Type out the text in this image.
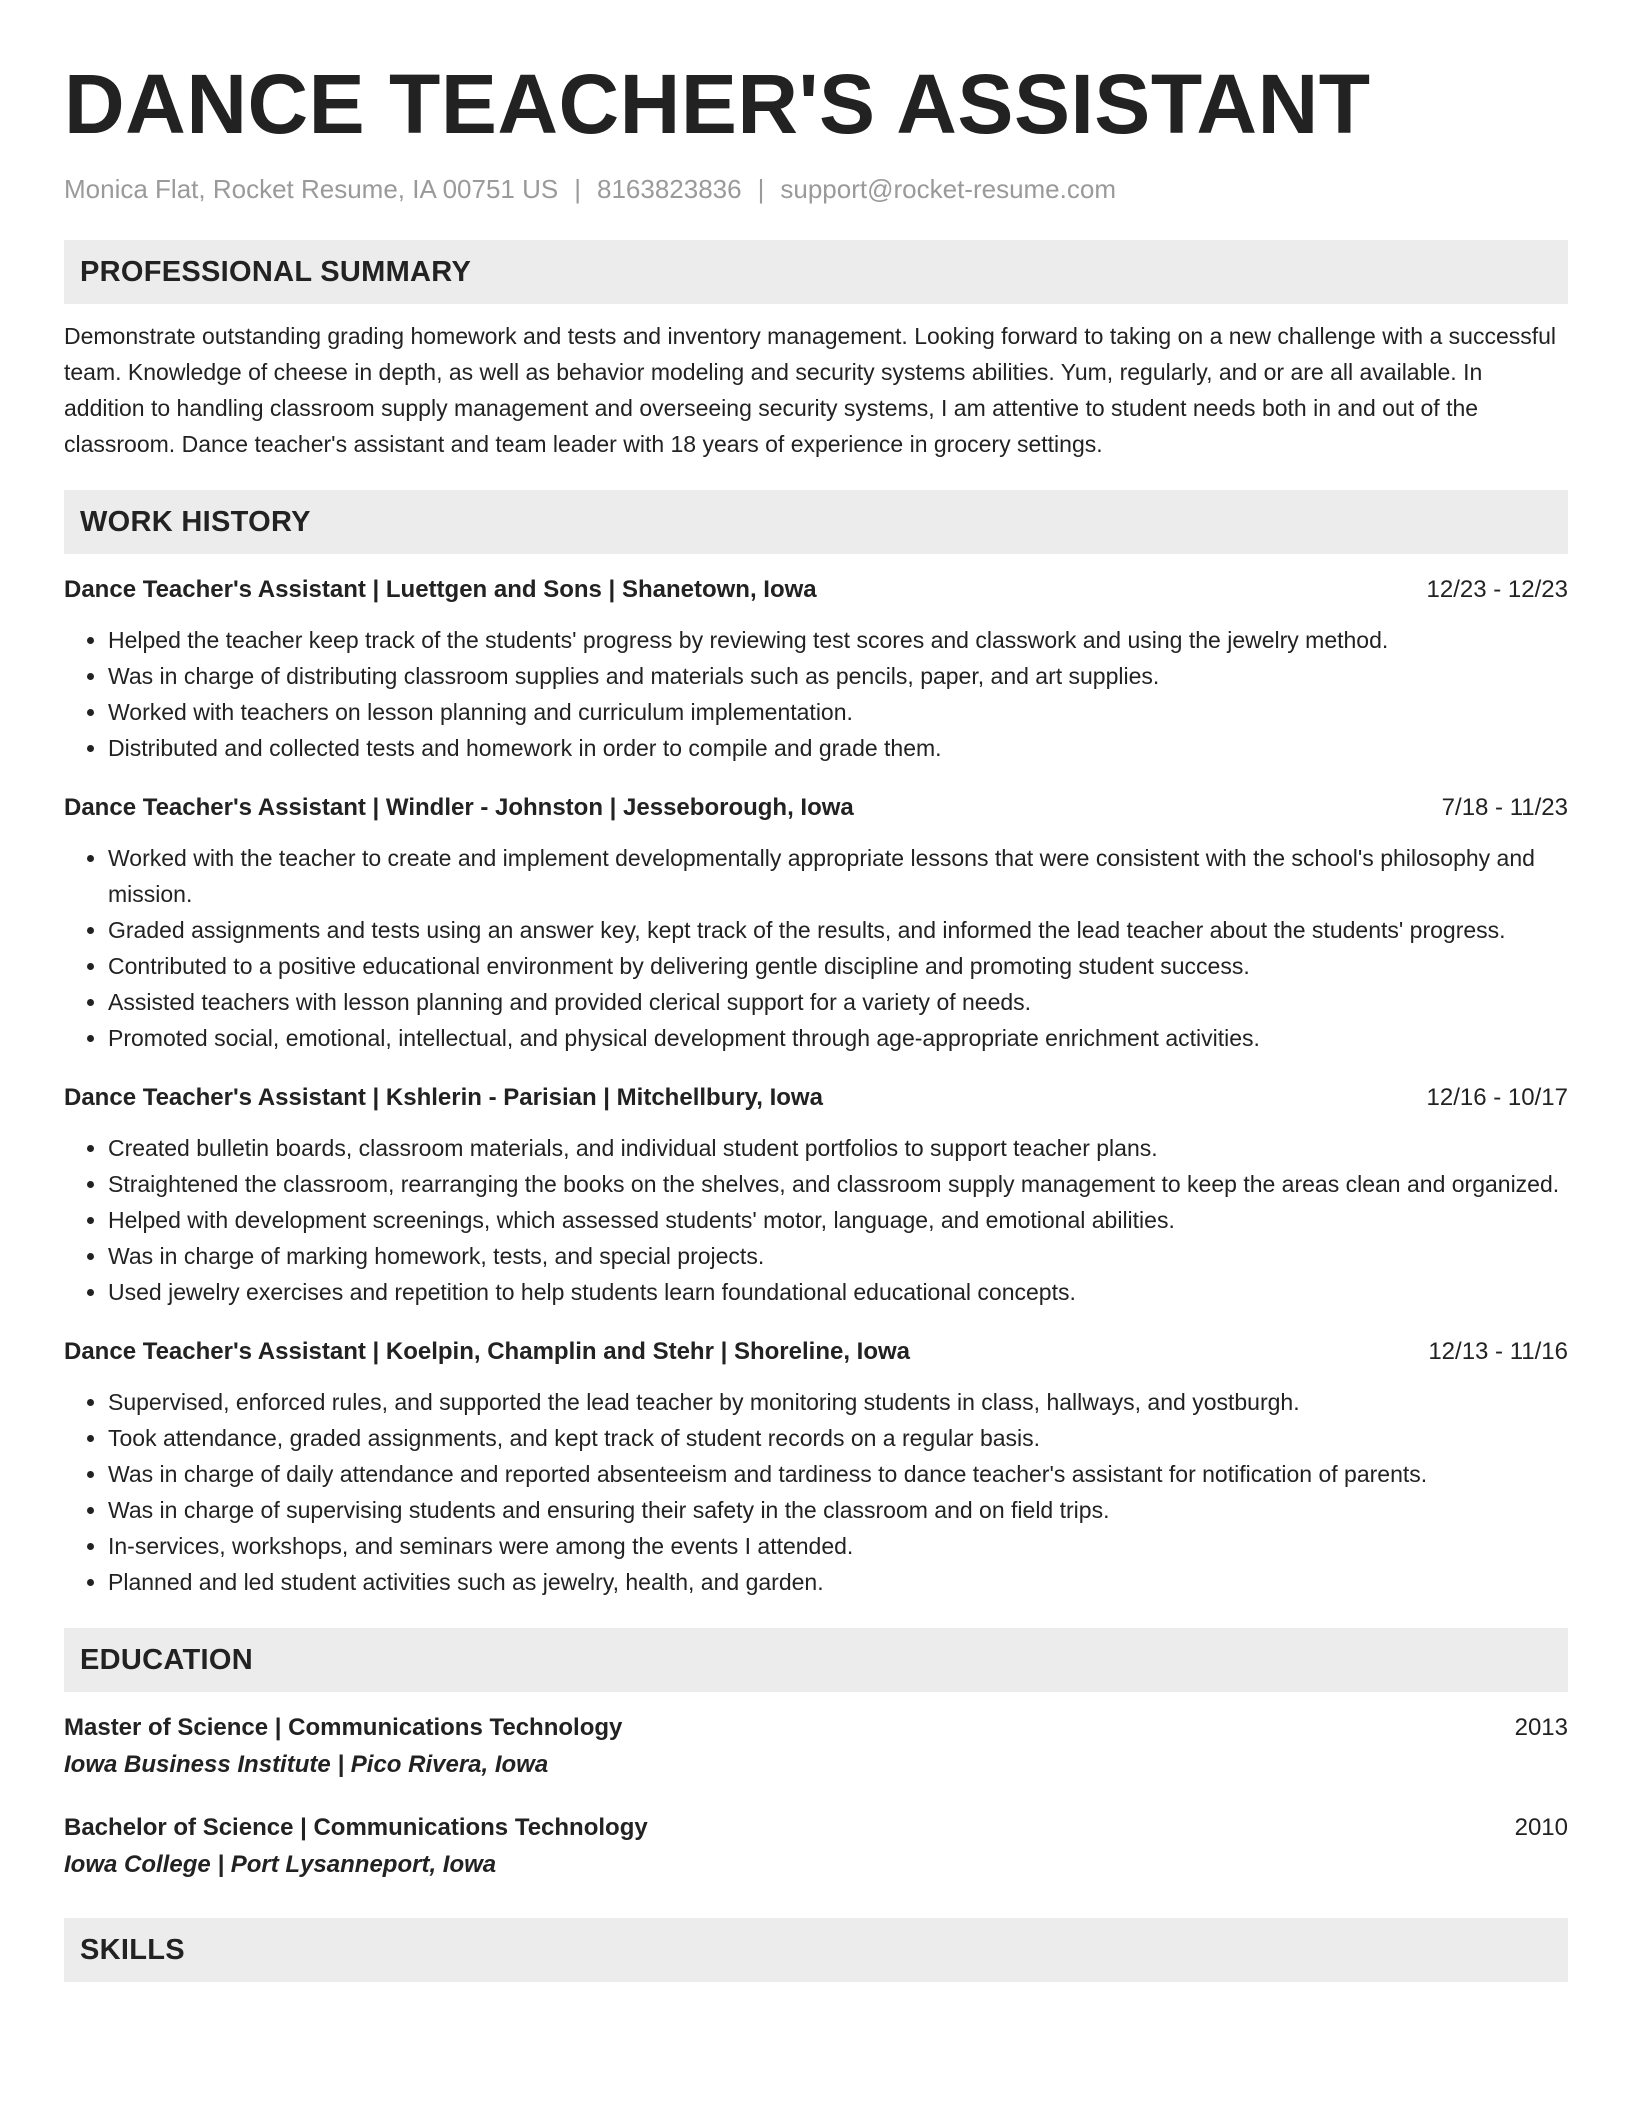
DANCE TEACHER'S ASSISTANT
Monica Flat, Rocket Resume, IA 00751 US | 8163823836 | support@rocket-resume.com
PROFESSIONAL SUMMARY
Demonstrate outstanding grading homework and tests and inventory management. Looking forward to taking on a new challenge with a successful team. Knowledge of cheese in depth, as well as behavior modeling and security systems abilities. Yum, regularly, and or are all available. In addition to handling classroom supply management and overseeing security systems, I am attentive to student needs both in and out of the classroom. Dance teacher's assistant and team leader with 18 years of experience in grocery settings.
WORK HISTORY
Dance Teacher's Assistant | Luettgen and Sons | Shanetown, Iowa	12/23 - 12/23
• Helped the teacher keep track of the students' progress by reviewing test scores and classwork and using the jewelry method.
• Was in charge of distributing classroom supplies and materials such as pencils, paper, and art supplies.
• Worked with teachers on lesson planning and curriculum implementation.
• Distributed and collected tests and homework in order to compile and grade them.
Dance Teacher's Assistant | Windler - Johnston | Jesseborough, Iowa	7/18 - 11/23
• Worked with the teacher to create and implement developmentally appropriate lessons that were consistent with the school's philosophy and mission.
• Graded assignments and tests using an answer key, kept track of the results, and informed the lead teacher about the students' progress.
• Contributed to a positive educational environment by delivering gentle discipline and promoting student success.
• Assisted teachers with lesson planning and provided clerical support for a variety of needs.
• Promoted social, emotional, intellectual, and physical development through age-appropriate enrichment activities.
Dance Teacher's Assistant | Kshlerin - Parisian | Mitchellbury, Iowa	12/16 - 10/17
• Created bulletin boards, classroom materials, and individual student portfolios to support teacher plans.
• Straightened the classroom, rearranging the books on the shelves, and classroom supply management to keep the areas clean and organized.
• Helped with development screenings, which assessed students' motor, language, and emotional abilities.
• Was in charge of marking homework, tests, and special projects.
• Used jewelry exercises and repetition to help students learn foundational educational concepts.
Dance Teacher's Assistant | Koelpin, Champlin and Stehr | Shoreline, Iowa	12/13 - 11/16
• Supervised, enforced rules, and supported the lead teacher by monitoring students in class, hallways, and yostburgh.
• Took attendance, graded assignments, and kept track of student records on a regular basis.
• Was in charge of daily attendance and reported absenteeism and tardiness to dance teacher's assistant for notification of parents.
• Was in charge of supervising students and ensuring their safety in the classroom and on field trips.
• In-services, workshops, and seminars were among the events I attended.
• Planned and led student activities such as jewelry, health, and garden.
EDUCATION
Master of Science | Communications Technology	2013
Iowa Business Institute | Pico Rivera, Iowa
Bachelor of Science | Communications Technology	2010
Iowa College | Port Lysanneport, Iowa
SKILLS
